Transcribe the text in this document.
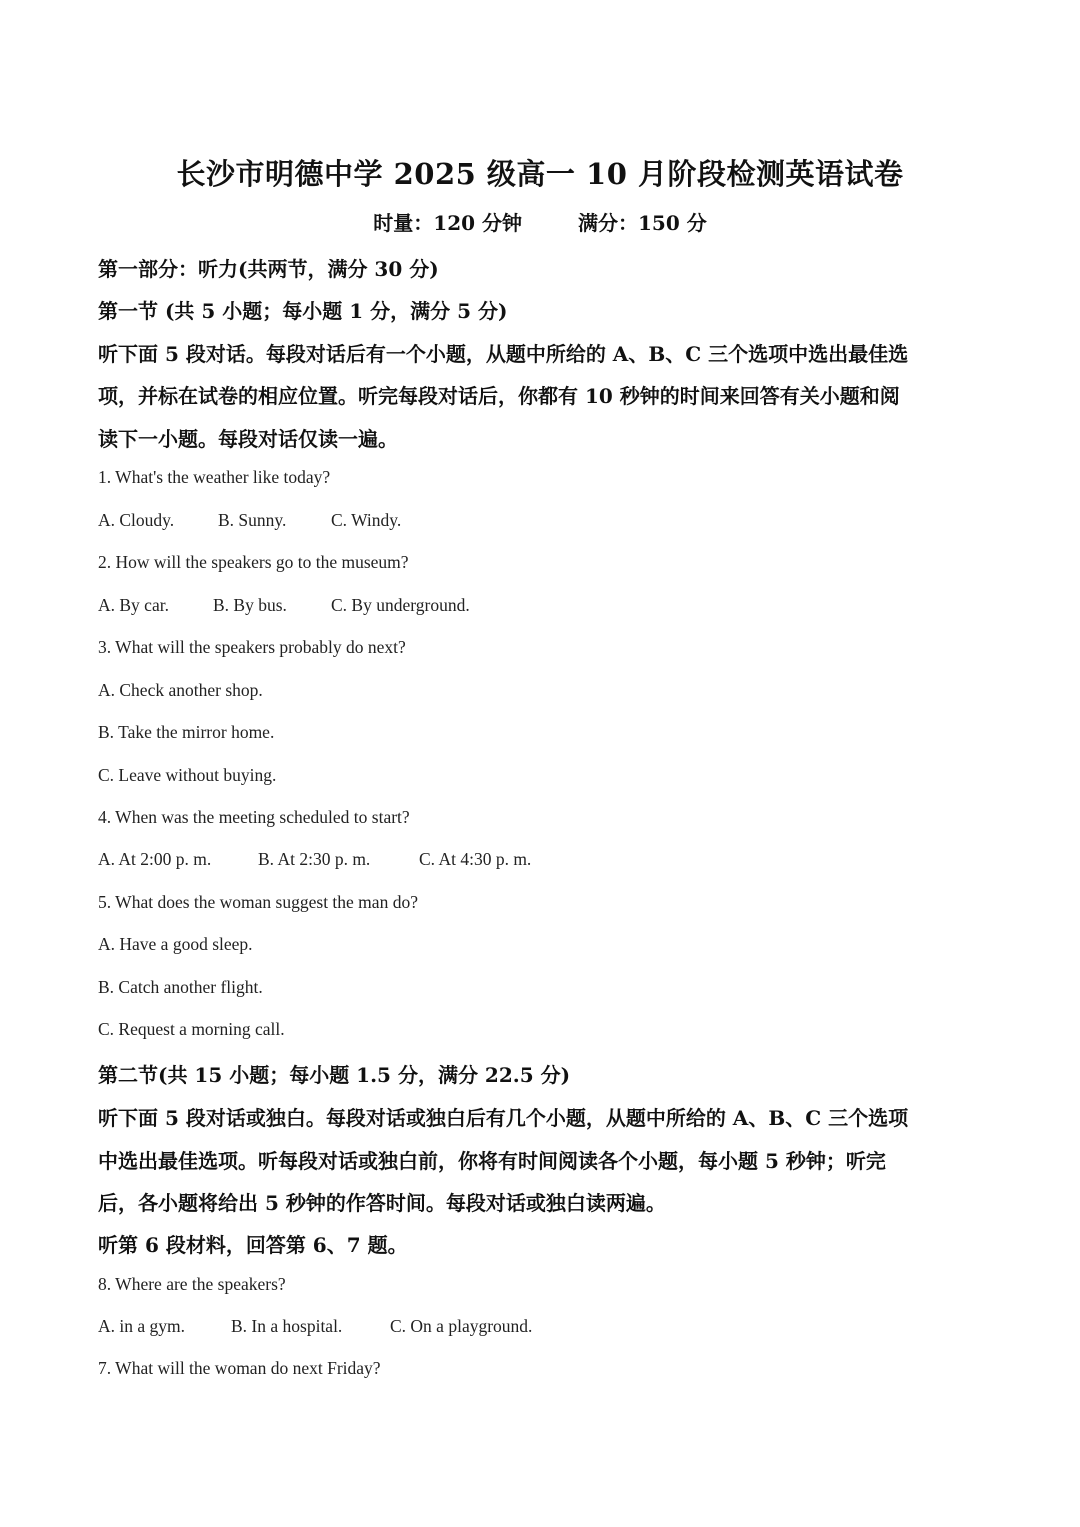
长沙市明德中学 2025 级高一 10 月阶段检测英语试卷
时量：120 分钟	满分：150 分
第一部分：听力(共两节，满分 30 分)
第一节 (共 5 小题；每小题 1 分，满分 5 分)
听下面 5 段对话。每段对话后有一个小题，从题中所给的 A、B、C 三个选项中选出最佳选
项，并标在试卷的相应位置。听完每段对话后，你都有 10 秒钟的时间来回答有关小题和阅
读下一小题。每段对话仅读一遍。
1. What's the weather like today?
A. Cloudy.	B. Sunny.	C. Windy.
2. How will the speakers go to the museum?
A. By car.	B. By bus.	C. By underground.
3. What will the speakers probably do next?
A. Check another shop.
B. Take the mirror home.
C. Leave without buying.
4. When was the meeting scheduled to start?
A. At 2:00 p. m.	B. At 2:30 p. m.	C. At 4:30 p. m.
5. What does the woman suggest the man do?
A. Have a good sleep.
B. Catch another flight.
C. Request a morning call.
第二节(共 15 小题；每小题 1.5 分，满分 22.5 分)
听下面 5 段对话或独白。每段对话或独白后有几个小题，从题中所给的 A、B、C 三个选项
中选出最佳选项。听每段对话或独白前，你将有时间阅读各个小题，每小题 5 秒钟；听完
后，各小题将给出 5 秒钟的作答时间。每段对话或独白读两遍。
听第 6 段材料，回答第 6、7 题。
8. Where are the speakers?
A. in a gym.	B. In a hospital.	C. On a playground.
7. What will the woman do next Friday?
